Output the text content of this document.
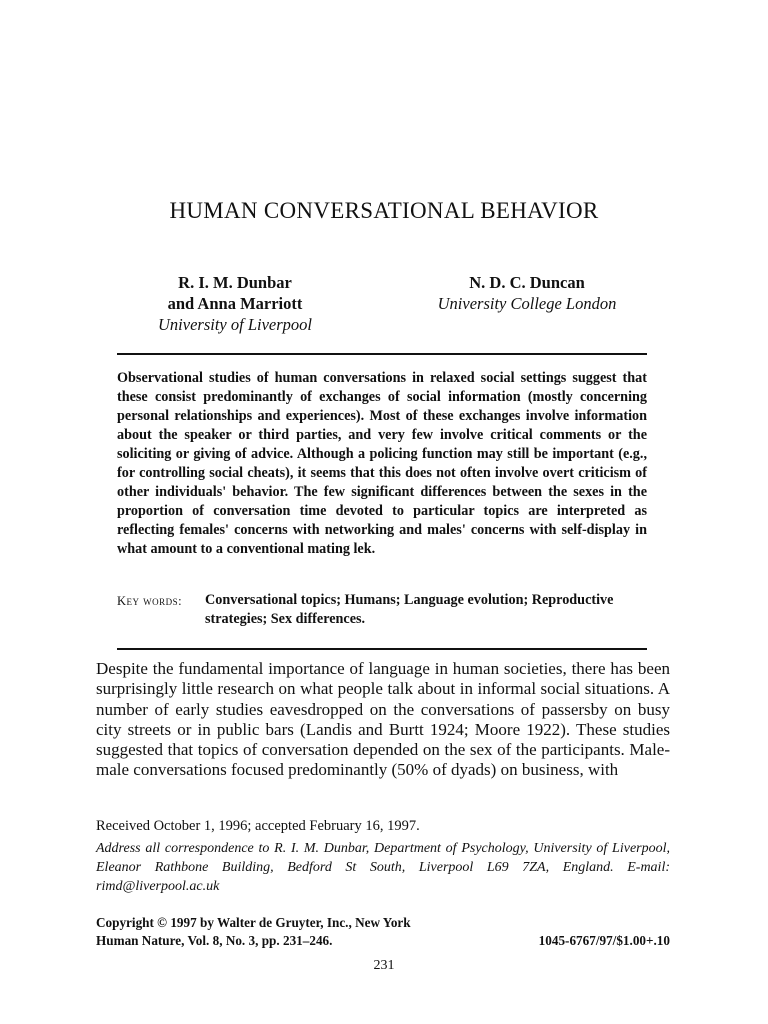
HUMAN CONVERSATIONAL BEHAVIOR
R. I. M. Dunbar
and Anna Marriott
University of Liverpool
N. D. C. Duncan
University College London

Observational studies of human conversations in relaxed social settings suggest that these consist predominantly of exchanges of social information (mostly concerning personal relationships and experiences). Most of these exchanges involve information about the speaker or third parties, and very few involve critical comments or the soliciting or giving of advice. Although a policing function may still be important (e.g., for controlling social cheats), it seems that this does not often involve overt criticism of other individuals' behavior. The few significant differences between the sexes in the proportion of conversation time devoted to particular topics are interpreted as reflecting females' concerns with networking and males' concerns with self-display in what amount to a conventional mating lek.

Key words:	Conversational topics; Humans; Language evolution; Reproductive strategies; Sex differences.

Despite the fundamental importance of language in human societies, there has been surprisingly little research on what people talk about in informal social situations. A number of early studies eavesdropped on the conversations of passersby on busy city streets or in public bars (Landis and Burtt 1924; Moore 1922). These studies suggested that topics of conversation depended on the sex of the participants. Male-male conversations focused predominantly (50% of dyads) on business, with

Received October 1, 1996; accepted February 16, 1997.

Address all correspondence to R. I. M. Dunbar, Department of Psychology, University of Liverpool, Eleanor Rathbone Building, Bedford St South, Liverpool L69 7ZA, England. E-mail: rimd@liverpool.ac.uk

Copyright © 1997 by Walter de Gruyter, Inc., New York
Human Nature, Vol. 8, No. 3, pp. 231–246.	1045-6767/97/$1.00+.10
231
